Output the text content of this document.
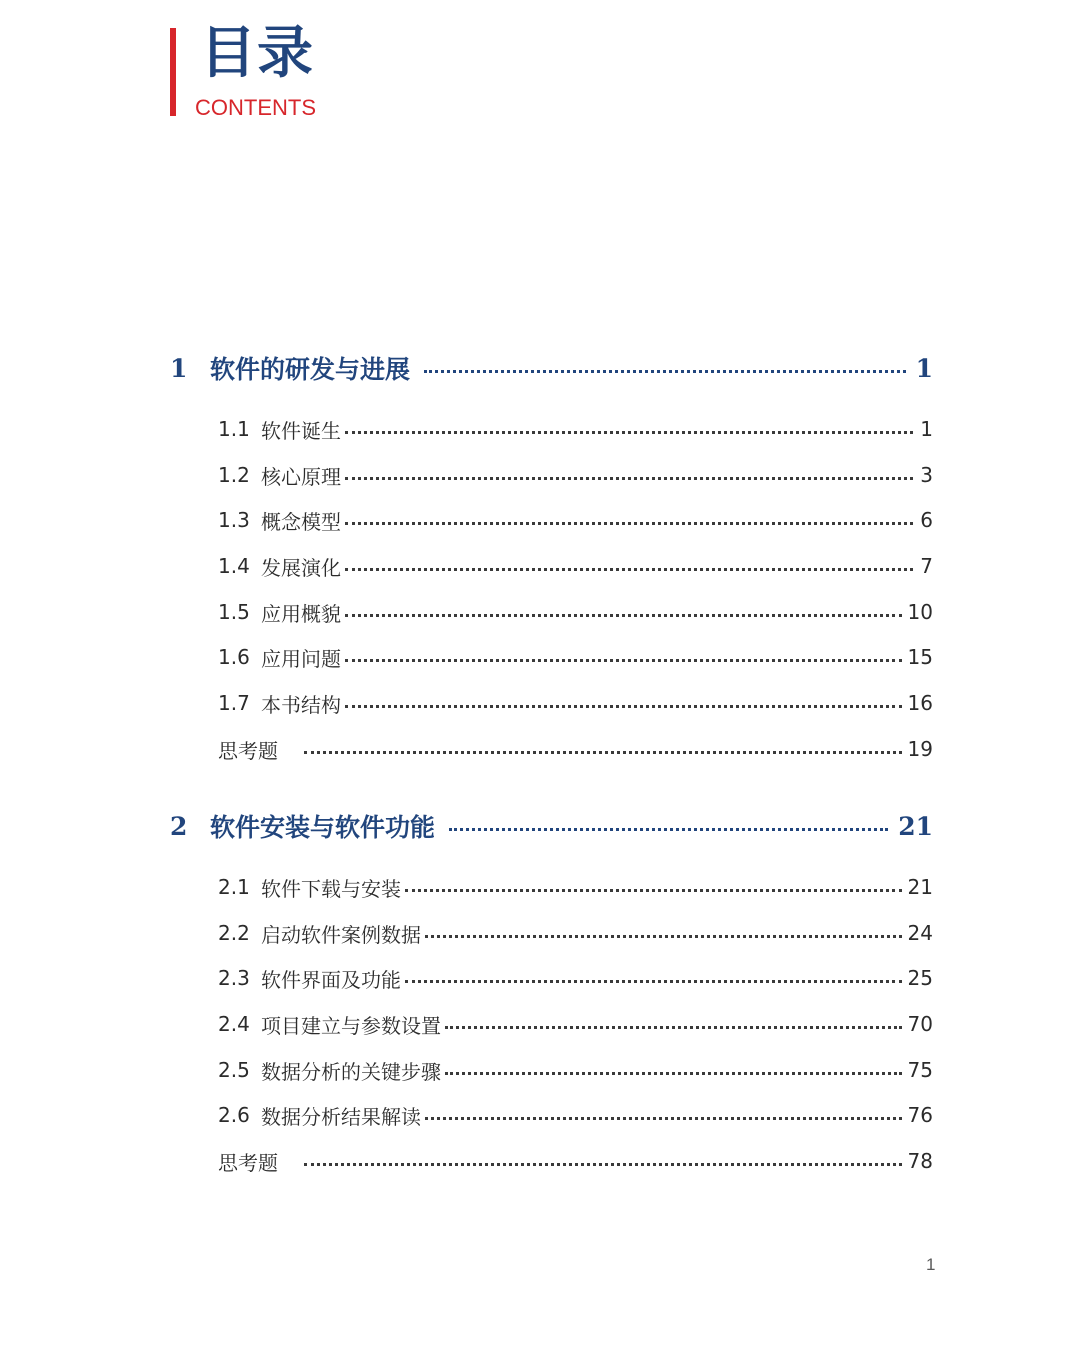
目录
CONTENTS
1 软件的研发与进展	1
1.1 软件诞生	1
1.2 核心原理	3
1.3 概念模型	6
1.4 发展演化	7
1.5 应用概貌	10
1.6 应用问题	15
1.7 本书结构	16
思考题	19
2 软件安装与软件功能	21
2.1 软件下载与安装	21
2.2 启动软件案例数据	24
2.3 软件界面及功能	25
2.4 项目建立与参数设置	70
2.5 数据分析的关键步骤	75
2.6 数据分析结果解读	76
思考题	78
1
